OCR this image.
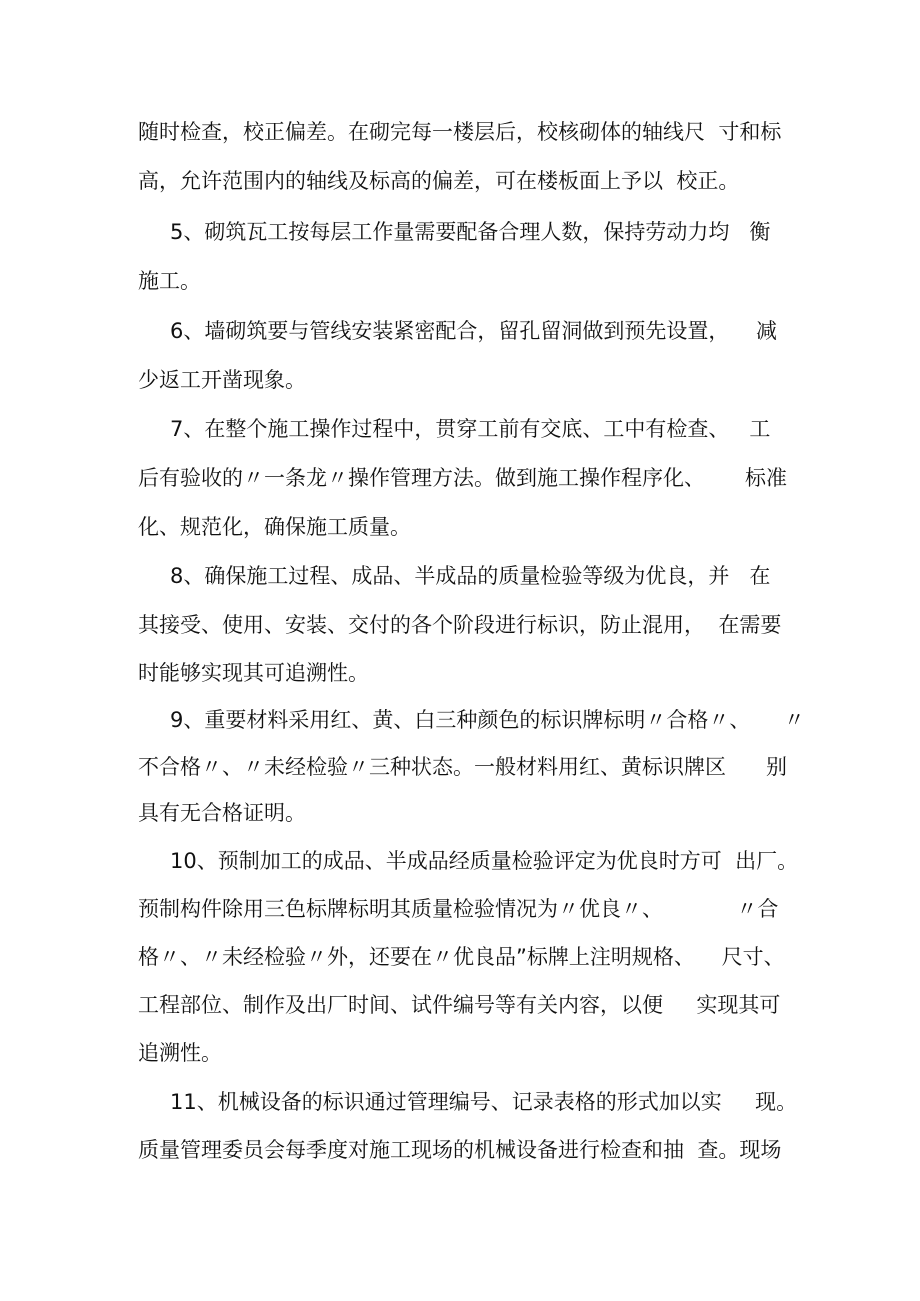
随时检查，校正偏差。在砌完每一楼层后，校核砌体的轴线尺  寸和标
高，允许范围内的轴线及标高的偏差，可在楼板面上予以  校正。
5、砌筑瓦工按每层工作量需要配备合理人数，保持劳动力均   衡
施工。
6、墙砌筑要与管线安装紧密配合，留孔留洞做到预先设置，    减
少返工开凿现象。
7、在整个施工操作过程中，贯穿工前有交底、工中有检查、   工
后有验收的〃一条龙〃操作管理方法。做到施工操作程序化、      标准
化、规范化，确保施工质量。
8、确保施工过程、成品、半成品的质量检验等级为优良，并   在
其接受、使用、安装、交付的各个阶段进行标识，防止混用，  在需要
时能够实现其可追溯性。
9、重要材料采用红、黄、白三种颜色的标识牌标明〃合格〃、     〃
不合格〃、〃未经检验〃三种状态。一般材料用红、黄标识牌区      别
具有无合格证明。
10、预制加工的成品、半成品经质量检验评定为优良时方可  出厂。
预制构件除用三色标牌标明其质量检验情况为〃优良〃、           〃合
格〃、〃未经检验〃外，还要在〃优良品”标牌上注明规格、    尺寸、
工程部位、制作及出厂时间、试件编号等有关内容，以便     实现其可
追溯性。
11、机械设备的标识通过管理编号、记录表格的形式加以实     现。
质量管理委员会每季度对施工现场的机械设备进行检查和抽  查。现场
